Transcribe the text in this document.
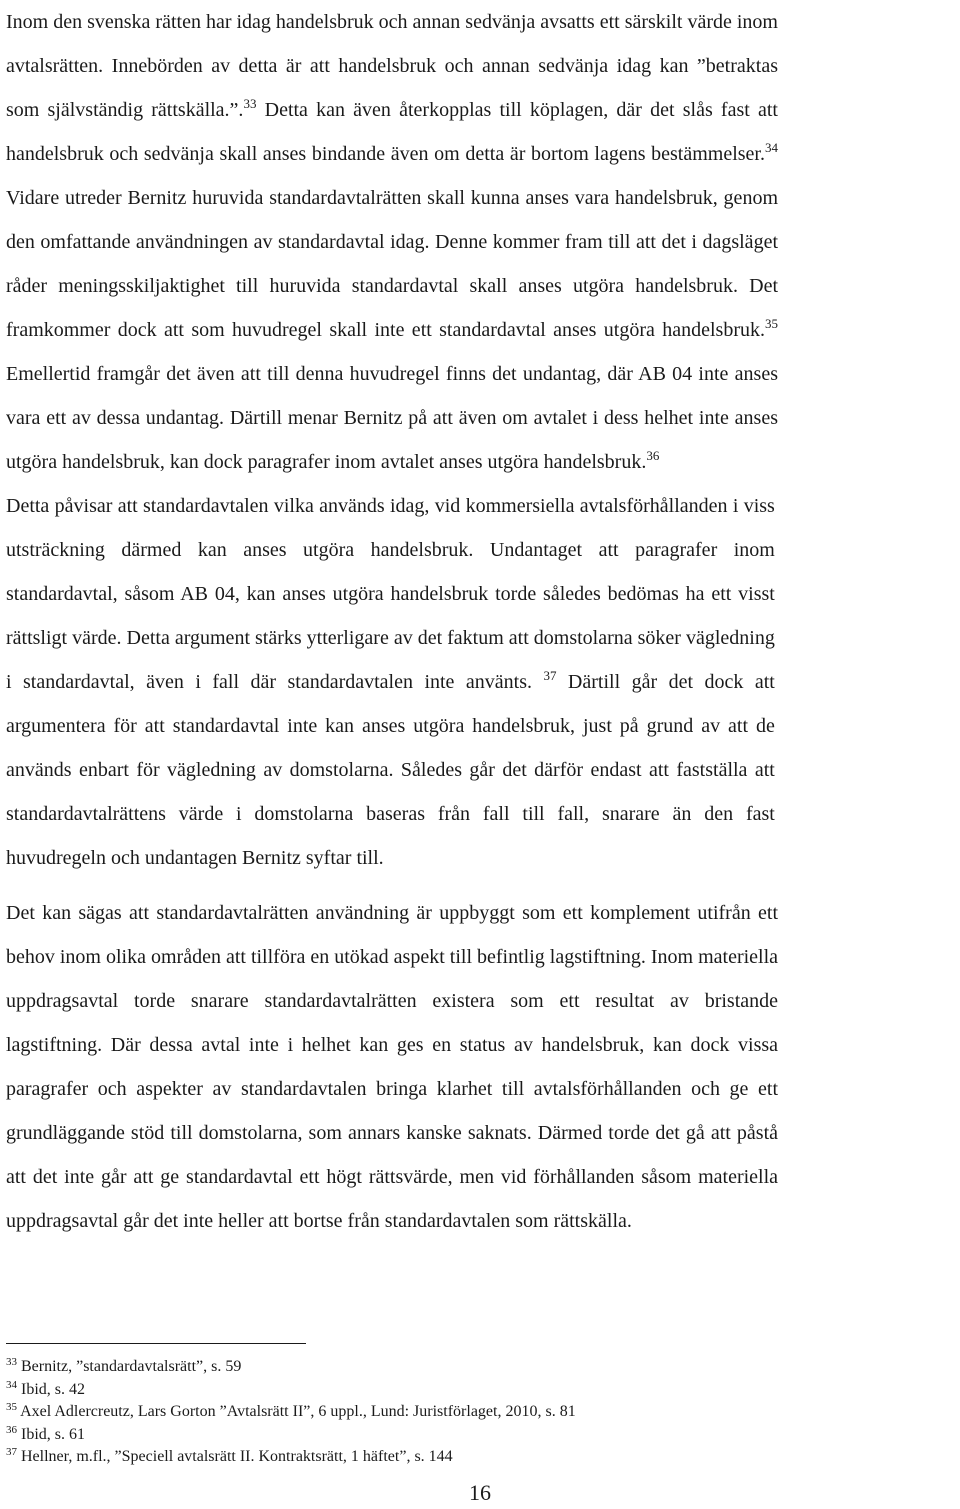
Inom den svenska rätten har idag handelsbruk och annan sedvänja avsatts ett särskilt värde inom
avtalsrätten. Innebörden av detta är att handelsbruk och annan sedvänja idag kan ”betraktas
som självständig rättskälla.”.$^{33}$ Detta kan även återkopplas till köplagen, där det slås fast att
handelsbruk och sedvänja skall anses bindande även om detta är bortom lagens bestämmelser.$^{34}$
Vidare utreder Bernitz huruvida standardavtalrätten skall kunna anses vara handelsbruk, genom
den omfattande användningen av standardavtal idag. Denne kommer fram till att det i dagsläget
råder meningsskiljaktighet till huruvida standardavtal skall anses utgöra handelsbruk. Det
framkommer dock att som huvudregel skall inte ett standardavtal anses utgöra handelsbruk.$^{35}$
Emellertid framgår det även att till denna huvudregel finns det undantag, där AB 04 inte anses
vara ett av dessa undantag. Därtill menar Bernitz på att även om avtalet i dess helhet inte anses
utgöra handelsbruk, kan dock paragrafer inom avtalet anses utgöra handelsbruk.$^{36}$

Detta påvisar att standardavtalen vilka används idag, vid kommersiella avtalsförhållanden i viss
utsträckning därmed kan anses utgöra handelsbruk. Undantaget att paragrafer inom
standardavtal, såsom AB 04, kan anses utgöra handelsbruk torde således bedömas ha ett visst
rättsligt värde. Detta argument stärks ytterligare av det faktum att domstolarna söker vägledning
i standardavtal, även i fall där standardavtalen inte använts. $^{37}$ Därtill går det dock att
argumentera för att standardavtal inte kan anses utgöra handelsbruk, just på grund av att de
används enbart för vägledning av domstolarna. Således går det därför endast att fastställa att
standardavtalrättens värde i domstolarna baseras från fall till fall, snarare än den fast
huvudregeln och undantagen Bernitz syftar till.

Det kan sägas att standardavtalrätten användning är uppbyggt som ett komplement utifrån ett
behov inom olika områden att tillföra en utökad aspekt till befintlig lagstiftning. Inom materiella
uppdragsavtal torde snarare standardavtalrätten existera som ett resultat av bristande
lagstiftning. Där dessa avtal inte i helhet kan ges en status av handelsbruk, kan dock vissa
paragrafer och aspekter av standardavtalen bringa klarhet till avtalsförhållanden och ge ett
grundläggande stöd till domstolarna, som annars kanske saknats. Därmed torde det gå att påstå
att det inte går att ge standardavtal ett högt rättsvärde, men vid förhållanden såsom materiella
uppdragsavtal går det inte heller att bortse från standardavtalen som rättskälla.

$^{33}$ Bernitz, ”standardavtalsrätt”, s. 59
$^{34}$ Ibid, s. 42
$^{35}$ Axel Adlercreutz, Lars Gorton ”Avtalsrätt II”, 6 uppl., Lund: Juristförlaget, 2010, s. 81
$^{36}$ Ibid, s. 61
$^{37}$ Hellner, m.fl., ”Speciell avtalsrätt II. Kontraktsrätt, 1 häftet”, s. 144
16
